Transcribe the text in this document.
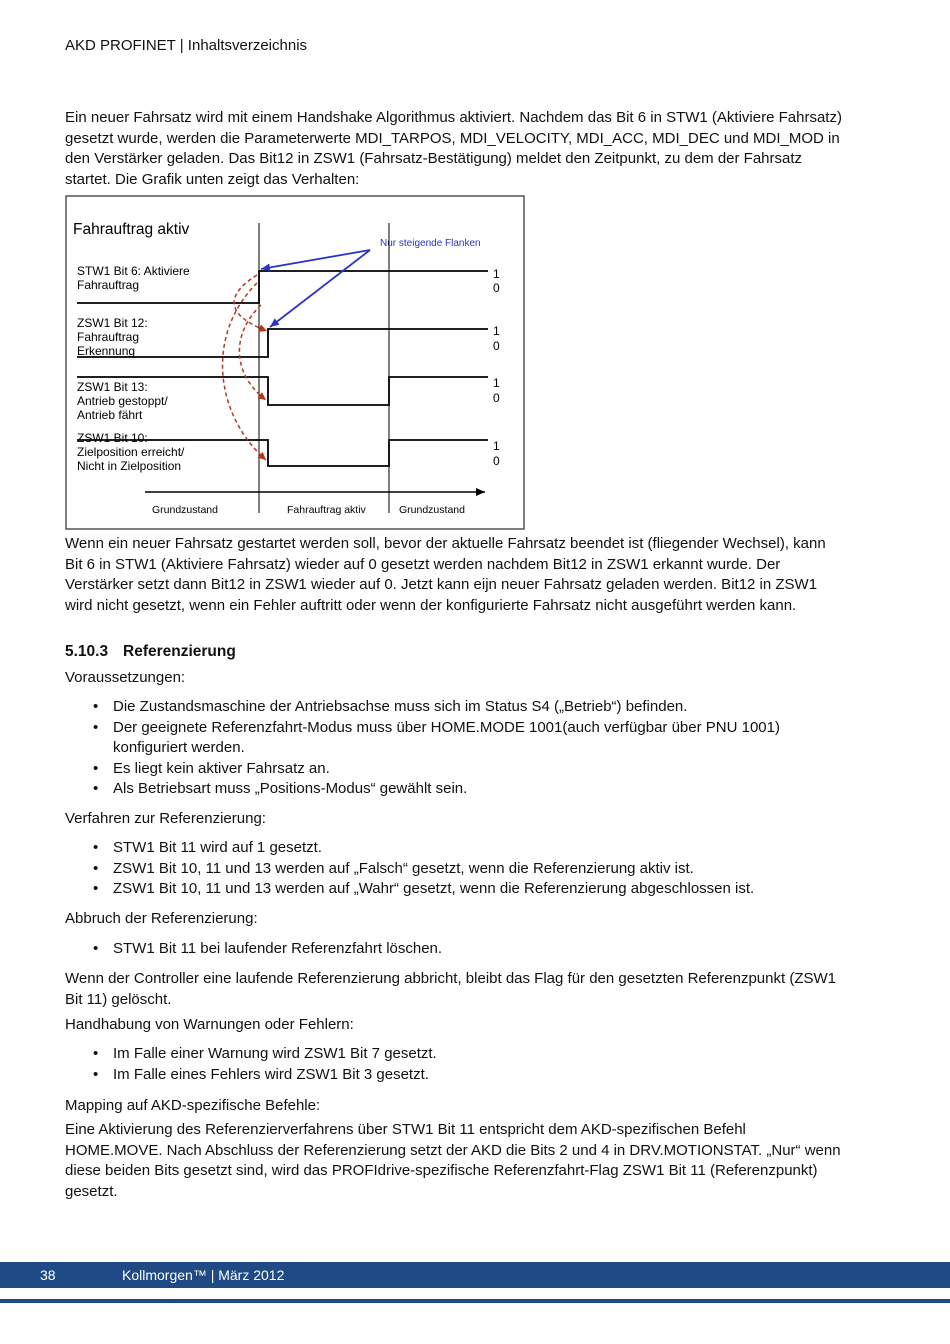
AKD PROFINET | Inhaltsverzeichnis
Ein neuer Fahrsatz wird mit einem Handshake Algorithmus aktiviert. Nachdem das Bit 6 in STW1 (Aktiviere Fahrsatz) gesetzt wurde, werden die Parameterwerte MDI_TARPOS, MDI_VELOCITY, MDI_ACC, MDI_DEC und MDI_MOD in den Verstärker geladen. Das Bit12 in ZSW1 (Fahrsatz-Bestätigung) meldet den Zeitpunkt, zu dem der Fahrsatz startet. Die Grafik unten zeigt das Verhalten:
Fahrauftrag aktiv
Nur steigende Flanken
STW1 Bit 6: Aktiviere
Fahrauftrag
1
0
ZSW1 Bit 12:
Fahrauftrag
Erkennung
1
0
ZSW1 Bit 13:
Antrieb gestoppt/
Antrieb fährt
1
0
ZSW1 Bit 10:
Zielposition erreicht/
Nicht in Zielposition
1
0
Grundzustand	Fahrauftrag aktiv	Grundzustand
Wenn ein neuer Fahrsatz gestartet werden soll, bevor der aktuelle Fahrsatz beendet ist (fliegender Wechsel), kann Bit 6 in STW1 (Aktiviere Fahrsatz) wieder auf 0 gesetzt werden nachdem Bit12 in ZSW1 erkannt wurde. Der Verstärker setzt dann Bit12 in ZSW1 wieder auf 0. Jetzt kann eijn neuer Fahrsatz geladen werden. Bit12 in ZSW1 wird nicht gesetzt, wenn ein Fehler auftritt oder wenn der konfigurierte Fahrsatz nicht ausgeführt werden kann.
5.10.3 Referenzierung
Voraussetzungen:
• Die Zustandsmaschine der Antriebsachse muss sich im Status S4 („Betrieb“) befinden.
• Der geeignete Referenzfahrt-Modus muss über HOME.MODE 1001(auch verfügbar über PNU 1001) konfiguriert werden.
• Es liegt kein aktiver Fahrsatz an.
• Als Betriebsart muss „Positions-Modus“ gewählt sein.
Verfahren zur Referenzierung:
• STW1 Bit 11 wird auf 1 gesetzt.
• ZSW1 Bit 10, 11 und 13 werden auf „Falsch“ gesetzt, wenn die Referenzierung aktiv ist.
• ZSW1 Bit 10, 11 und 13 werden auf „Wahr“ gesetzt, wenn die Referenzierung abgeschlossen ist.
Abbruch der Referenzierung:
• STW1 Bit 11 bei laufender Referenzfahrt löschen.
Wenn der Controller eine laufende Referenzierung abbricht, bleibt das Flag für den gesetzten Referenzpunkt (ZSW1 Bit 11) gelöscht.
Handhabung von Warnungen oder Fehlern:
• Im Falle einer Warnung wird ZSW1 Bit 7 gesetzt.
• Im Falle eines Fehlers wird ZSW1 Bit 3 gesetzt.
Mapping auf AKD-spezifische Befehle:
Eine Aktivierung des Referenzierverfahrens über STW1 Bit 11 entspricht dem AKD-spezifischen Befehl HOME.MOVE. Nach Abschluss der Referenzierung setzt der AKD die Bits 2 und 4 in DRV.MOTIONSTAT. „Nur“ wenn diese beiden Bits gesetzt sind, wird das PROFIdrive-spezifische Referenzfahrt-Flag ZSW1 Bit 11 (Referenzpunkt) gesetzt.
38	Kollmorgen™ | März 2012
